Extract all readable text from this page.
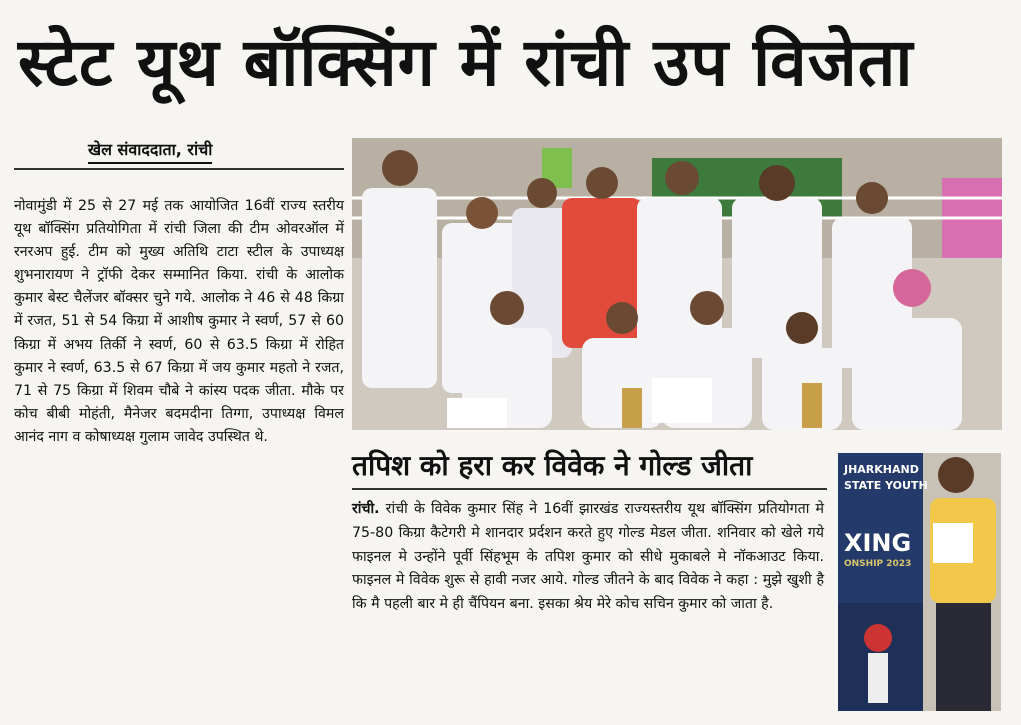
स्टेट यूथ बॉक्सिंग में रांची उप विजेता
खेल संवाददाता, रांची
नोवामुंडी में 25 से 27 मई तक आयोजित 16वीं राज्य स्तरीय यूथ बॉक्सिंग प्रतियोगिता में रांची जिला की टीम ओवरऑल में रनरअप हुई. टीम को मुख्य अतिथि टाटा स्टील के उपाध्यक्ष शुभनारायण ने ट्रॉफी देकर सम्मानित किया. रांची के आलोक कुमार बेस्ट चैलेंजर बॉक्सर चुने गये. आलोक ने 46 से 48 किग्रा में रजत, 51 से 54 किग्रा में आशीष कुमार ने स्वर्ण, 57 से 60 किग्रा में अभय तिर्की ने स्वर्ण, 60 से 63.5 किग्रा में रोहित कुमार ने स्वर्ण, 63.5 से 67 किग्रा में जय कुमार महतो ने रजत, 71 से 75 किग्रा में शिवम चौबे ने कांस्य पदक जीता. मौके पर कोच बीबी मोहंती, मैनेजर बदमदीना तिग्गा, उपाध्यक्ष विमल आनंद नाग व कोषाध्यक्ष गुलाम जावेद उपस्थित थे.
तपिश को हरा कर विवेक ने गोल्ड जीता
रांची. रांची के विवेक कुमार सिंह ने 16वीं झारखंड राज्यस्तरीय यूथ बॉक्सिंग प्रतियोगता मे 75-80 किग्रा कैटेगरी मे शानदार प्रर्दशन करते हुए गोल्ड मेडल जीता. शनिवार को खेले गये फाइनल मे उन्होंने पूर्वी सिंहभूम के तपिश कुमार को सीधे मुकाबले मे नॉकआउट किया. फाइनल मे विवेक शुरू से हावी नजर आये. गोल्ड जीतने के बाद विवेक ने कहा : मुझे खुशी है कि मै पहली बार मे ही चैंपियन बना. इसका श्रेय मेरे कोच सचिन कुमार को जाता है.
JHARKHAND
STATE YOUTH
XING
ONSHIP 2023
